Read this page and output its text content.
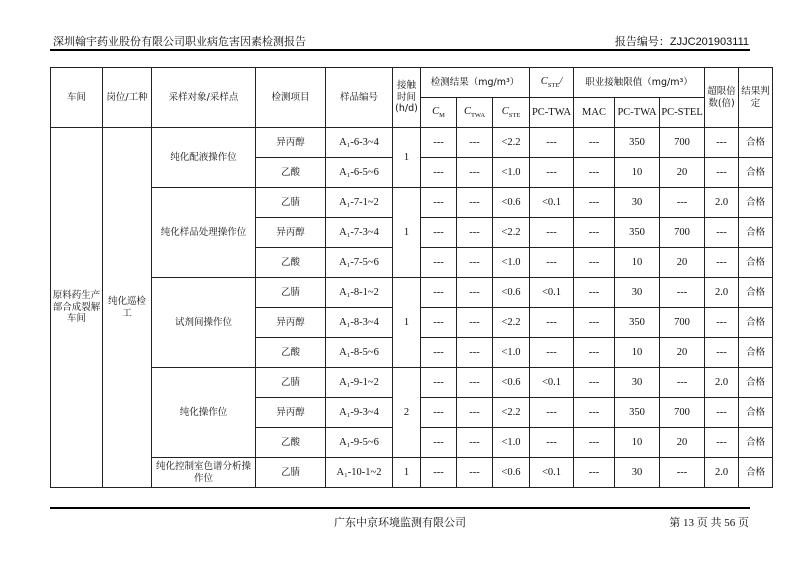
深圳翰宇药业股份有限公司职业病危害因素检测报告	报告编号：ZJJC201903111
车间	岗位/工种	采样对象/采样点	检测项目	样品编号	接触时间(h/d)	检测结果（mg/m³）			$C_{STE}/$	职业接触限值（mg/m³）			超限倍数(倍)	结果判定
						$C_M$	$C_{TWA}$	$C_{STE}$	PC-TWA	MAC	PC-TWA	PC-STEL		
原料药生产部合成裂解车间	纯化巡检工	纯化配液操作位	异丙醇	A₁-6-3~4	1	---	---	<2.2	---	---	350	700	---	合格
			乙酸	A₁-6-5~6		---	---	<1.0	---	---	10	20	---	合格
		纯化样品处理操作位	乙腈	A₁-7-1~2	1	---	---	<0.6	<0.1	---	30	---	2.0	合格
			异丙醇	A₁-7-3~4		---	---	<2.2	---	---	350	700	---	合格
			乙酸	A₁-7-5~6		---	---	<1.0	---	---	10	20	---	合格
		试剂间操作位	乙腈	A₁-8-1~2	1	---	---	<0.6	<0.1	---	30	---	2.0	合格
			异丙醇	A₁-8-3~4		---	---	<2.2	---	---	350	700	---	合格
			乙酸	A₁-8-5~6		---	---	<1.0	---	---	10	20	---	合格
		纯化操作位	乙腈	A₁-9-1~2	2	---	---	<0.6	<0.1	---	30	---	2.0	合格
			异丙醇	A₁-9-3~4		---	---	<2.2	---	---	350	700	---	合格
			乙酸	A₁-9-5~6		---	---	<1.0	---	---	10	20	---	合格
		纯化控制室色谱分析操作位	乙腈	A₁-10-1~2	1	---	---	<0.6	<0.1	---	30	---	2.0	合格
广东中京环境监测有限公司	第 13 页 共 56 页
